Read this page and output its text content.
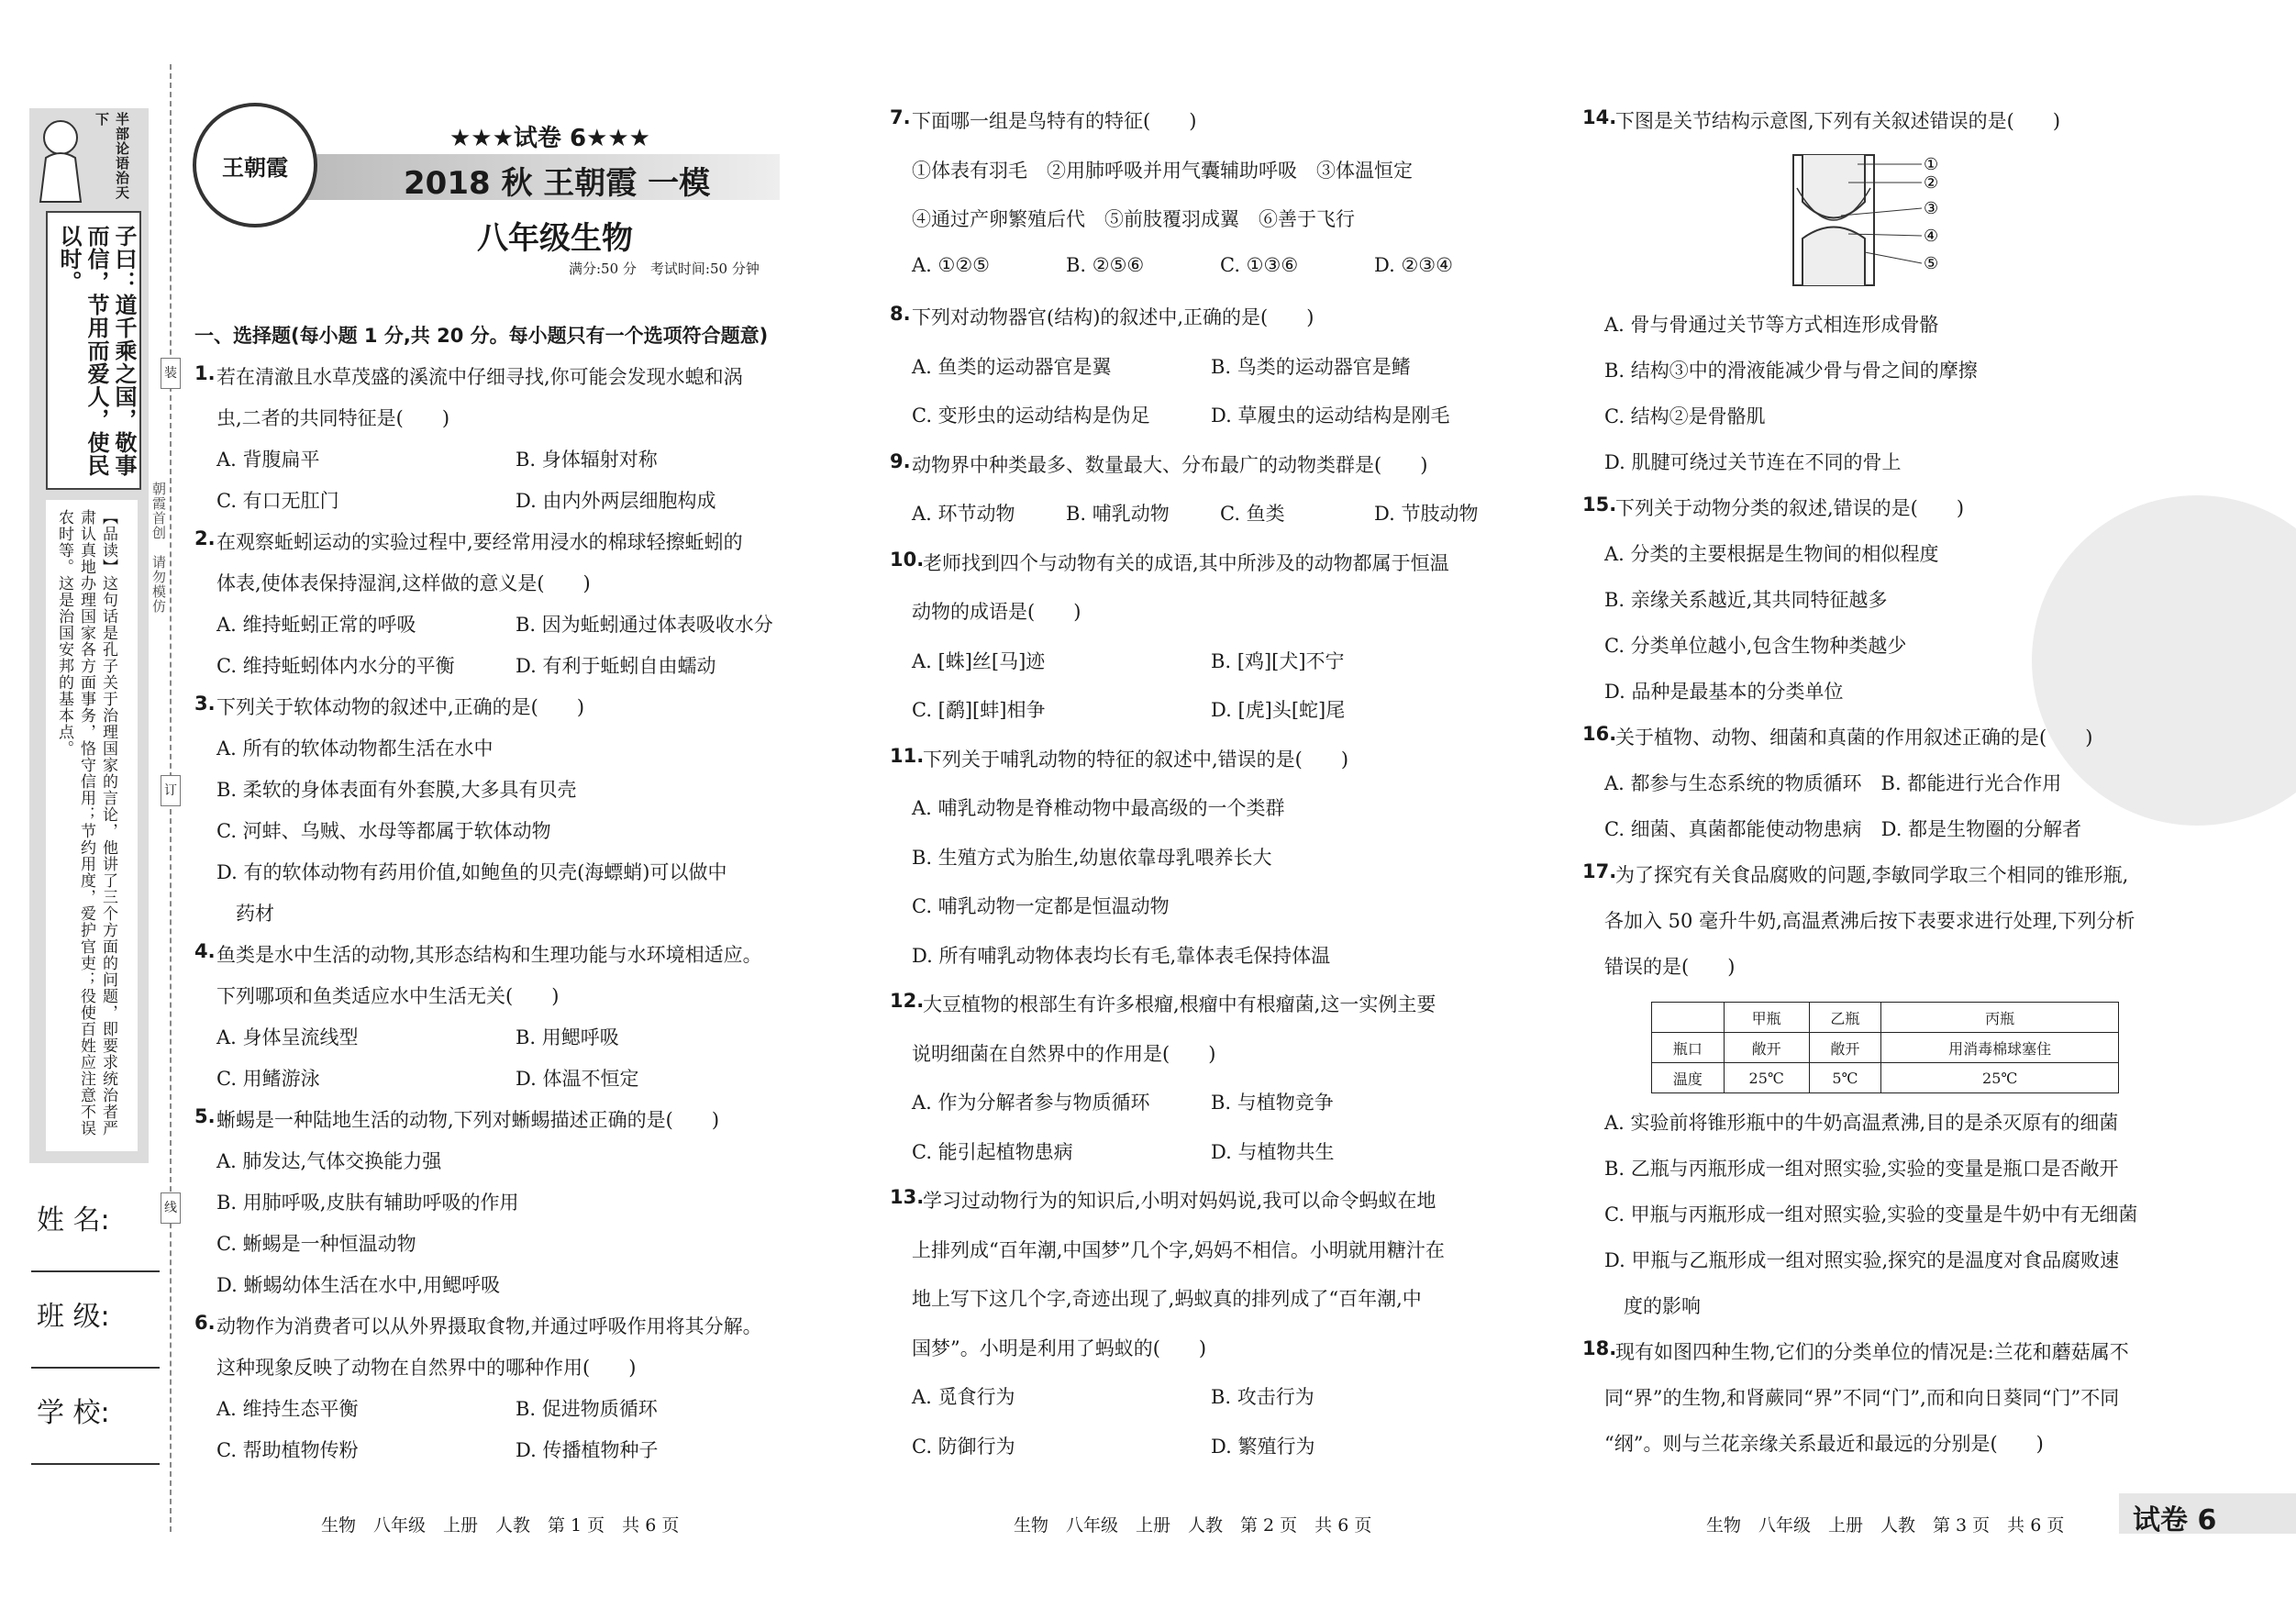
半部论语治天下
子曰：道千乘之国，敬事而信，节用而爱人，使民以时。
【品读】这句话是孔子关于治理国家的言论，他讲了三个方面的问题，即要求统治者严肃认真地办理国家各方面事务，恪守信用；节约用度，爱护官吏；役使百姓应注意不误农时等。这是治国安邦的基本点。	朝霞首创　请勿模仿
装
订
线
姓 名:
班 级:
学 校:
王朝霞
★★★试卷 6★★★
2018 秋 王朝霞 一模
八年级生物
满分:50 分　考试时间:50 分钟
一、选择题(每小题 1 分,共 20 分。每小题只有一个选项符合题意)
1. 若在清澈且水草茂盛的溪流中仔细寻找,你可能会发现水螅和涡
虫,二者的共同特征是(　　)
A. 背腹扁平	B. 身体辐射对称
C. 有口无肛门	D. 由内外两层细胞构成
2. 在观察蚯蚓运动的实验过程中,要经常用浸水的棉球轻擦蚯蚓的
体表,使体表保持湿润,这样做的意义是(　　)
A. 维持蚯蚓正常的呼吸	B. 因为蚯蚓通过体表吸收水分
C. 维持蚯蚓体内水分的平衡	D. 有利于蚯蚓自由蠕动
3. 下列关于软体动物的叙述中,正确的是(　　)
A. 所有的软体动物都生活在水中
B. 柔软的身体表面有外套膜,大多具有贝壳
C. 河蚌、乌贼、水母等都属于软体动物
D. 有的软体动物有药用价值,如鲍鱼的贝壳(海螵蛸)可以做中
　药材
4. 鱼类是水中生活的动物,其形态结构和生理功能与水环境相适应。
下列哪项和鱼类适应水中生活无关(　　)
A. 身体呈流线型	B. 用鳃呼吸
C. 用鳍游泳	D. 体温不恒定
5. 蜥蜴是一种陆地生活的动物,下列对蜥蜴描述正确的是(　　)
A. 肺发达,气体交换能力强
B. 用肺呼吸,皮肤有辅助呼吸的作用
C. 蜥蜴是一种恒温动物
D. 蜥蜴幼体生活在水中,用鳃呼吸
6. 动物作为消费者可以从外界摄取食物,并通过呼吸作用将其分解。
这种现象反映了动物在自然界中的哪种作用(　　)
A. 维持生态平衡	B. 促进物质循环
C. 帮助植物传粉	D. 传播植物种子
7. 下面哪一组是鸟特有的特征(　　)
①体表有羽毛　②用肺呼吸并用气囊辅助呼吸　③体温恒定
④通过产卵繁殖后代　⑤前肢覆羽成翼　⑥善于飞行
A. ①②⑤	B. ②⑤⑥	C. ①③⑥	D. ②③④
8. 下列对动物器官(结构)的叙述中,正确的是(　　)
A. 鱼类的运动器官是翼	B. 鸟类的运动器官是鳍
C. 变形虫的运动结构是伪足	D. 草履虫的运动结构是刚毛
9. 动物界中种类最多、数量最大、分布最广的动物类群是(　　)
A. 环节动物	B. 哺乳动物	C. 鱼类	D. 节肢动物
10.
老师找到四个与动物有关的成语,其中所涉及的动物都属于恒温
动物的成语是(　　)
A. [蛛]丝[马]迹	B. [鸡][犬]不宁
C. [鹬][蚌]相争	D. [虎]头[蛇]尾
11.
下列关于哺乳动物的特征的叙述中,错误的是(　　)
A. 哺乳动物是脊椎动物中最高级的一个类群
B. 生殖方式为胎生,幼崽依靠母乳喂养长大
C. 哺乳动物一定都是恒温动物
D. 所有哺乳动物体表均长有毛,靠体表毛保持体温
12.
大豆植物的根部生有许多根瘤,根瘤中有根瘤菌,这一实例主要
说明细菌在自然界中的作用是(　　)
A. 作为分解者参与物质循环	B. 与植物竞争
C. 能引起植物患病	D. 与植物共生
13.
学习过动物行为的知识后,小明对妈妈说,我可以命令蚂蚁在地
上排列成“百年潮,中国梦”几个字,妈妈不相信。小明就用糖汁在
地上写下这几个字,奇迹出现了,蚂蚁真的排列成了“百年潮,中
国梦”。小明是利用了蚂蚁的(　　)
A. 觅食行为	B. 攻击行为
C. 防御行为	D. 繁殖行为
14.
下图是关节结构示意图,下列有关叙述错误的是(　　)
①
②
③
④
⑤
A. 骨与骨通过关节等方式相连形成骨骼
B. 结构③中的滑液能减少骨与骨之间的摩擦
C. 结构②是骨骼肌
D. 肌腱可绕过关节连在不同的骨上
15.
下列关于动物分类的叙述,错误的是(　　)
A. 分类的主要根据是生物间的相似程度
B. 亲缘关系越近,其共同特征越多
C. 分类单位越小,包含生物种类越少
D. 品种是最基本的分类单位
16.
关于植物、动物、细菌和真菌的作用叙述正确的是(　　)
A. 都参与生态系统的物质循环　B. 都能进行光合作用
C. 细菌、真菌都能使动物患病　D. 都是生物圈的分解者
17.
为了探究有关食品腐败的问题,李敏同学取三个相同的锥形瓶,
各加入 50 毫升牛奶,高温煮沸后按下表要求进行处理,下列分析
错误的是(　　)
	甲瓶	乙瓶	丙瓶
瓶口	敞开	敞开	用消毒棉球塞住
温度	25℃	5℃	25℃
A. 实验前将锥形瓶中的牛奶高温煮沸,目的是杀灭原有的细菌
B. 乙瓶与丙瓶形成一组对照实验,实验的变量是瓶口是否敞开
C. 甲瓶与丙瓶形成一组对照实验,实验的变量是牛奶中有无细菌
D. 甲瓶与乙瓶形成一组对照实验,探究的是温度对食品腐败速
　度的影响
18.
现有如图四种生物,它们的分类单位的情况是:兰花和蘑菇属不
同“界”的生物,和肾蕨同“界”不同“门”,而和向日葵同“门”不同
“纲”。则与兰花亲缘关系最近和最远的分别是(　　)
生物　八年级　上册　人教　第 1 页　共 6 页	生物　八年级　上册　人教　第 2 页　共 6 页	生物　八年级　上册　人教　第 3 页　共 6 页 试卷 6
